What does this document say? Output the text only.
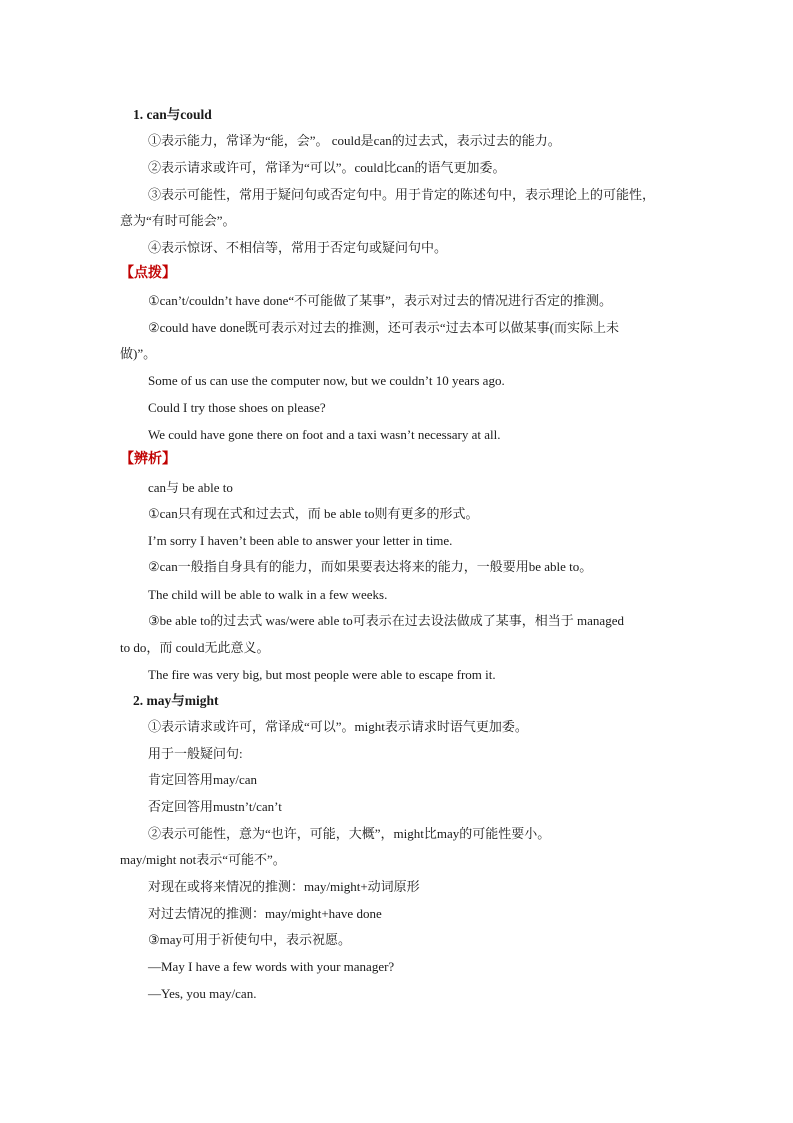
1. can与could
①表示能力，常译为“能，会”。 could是can的过去式，表示过去的能力。
②表示请求或许可，常译为“可以”。could比can的语气更加委。
③表示可能性，常用于疑问句或否定句中。用于肯定的陈述句中，表示理论上的可能性，
意为“有时可能会”。
④表示惊讶、不相信等，常用于否定句或疑问句中。
【点拨】
①can’t/couldn’t have done“不可能做了某事”，表示对过去的情况进行否定的推测。
②could have done既可表示对过去的推测，还可表示“过去本可以做某事(而实际上未
做)”。
Some of us can use the computer now, but we couldn’t 10 years ago.
Could I try those shoes on please?
We could have gone there on foot and a taxi wasn’t necessary at all.
【辨析】
can与 be able to
①can只有现在式和过去式，而 be able to则有更多的形式。
I’m sorry I haven’t been able to answer your letter in time.
②can一般指自身具有的能力，而如果要表达将来的能力，一般要用be able to。
The child will be able to walk in a few weeks.
③be able to的过去式 was/were able to可表示在过去设法做成了某事，相当于 managed
to do，而 could无此意义。
The fire was very big, but most people were able to escape from it.
2. may与might
①表示请求或许可，常译成“可以”。might表示请求时语气更加委。
用于一般疑问句:
肯定回答用may/can
否定回答用mustn’t/can’t
②表示可能性，意为“也许，可能，大概”，might比may的可能性要小。
may/might not表示“可能不”。
对现在或将来情况的推测：may/might+动词原形
对过去情况的推测：may/might+have done
③may可用于祈使句中，表示祝愿。
—May I have a few words with your manager?
—Yes, you may/can.
